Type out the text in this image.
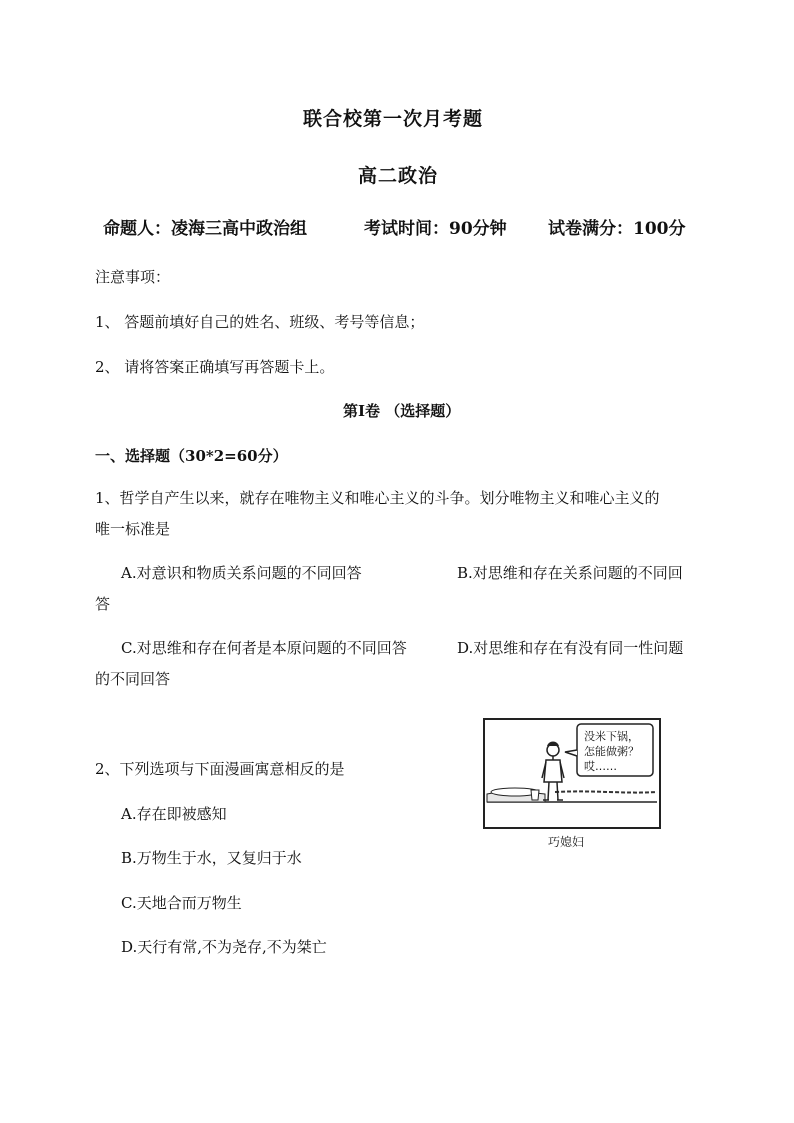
联合校第一次月考题
高二政治
命题人：凌海三高中政治组	考试时间：90分钟 试卷满分：100分
注意事项：
1、 答题前填好自己的姓名、班级、考号等信息；
2、 请将答案正确填写再答题卡上。
第Ⅰ卷 （选择题）
一、选择题（30*2=60分）
1、哲学自产生以来，就存在唯物主义和唯心主义的斗争。划分唯物主义和唯心主义的
唯一标准是
A.对意识和物质关系问题的不同回答	B.对思维和存在关系问题的不同回
答
C.对思维和存在何者是本原问题的不同回答	D.对思维和存在有没有同一性问题
的不同回答
2、下列选项与下面漫画寓意相反的是
A.存在即被感知
B.万物生于水，又复归于水
C.天地合而万物生
D.天行有常,不为尧存,不为桀亡
没米下锅，
怎能做粥？
哎……
巧媳妇
